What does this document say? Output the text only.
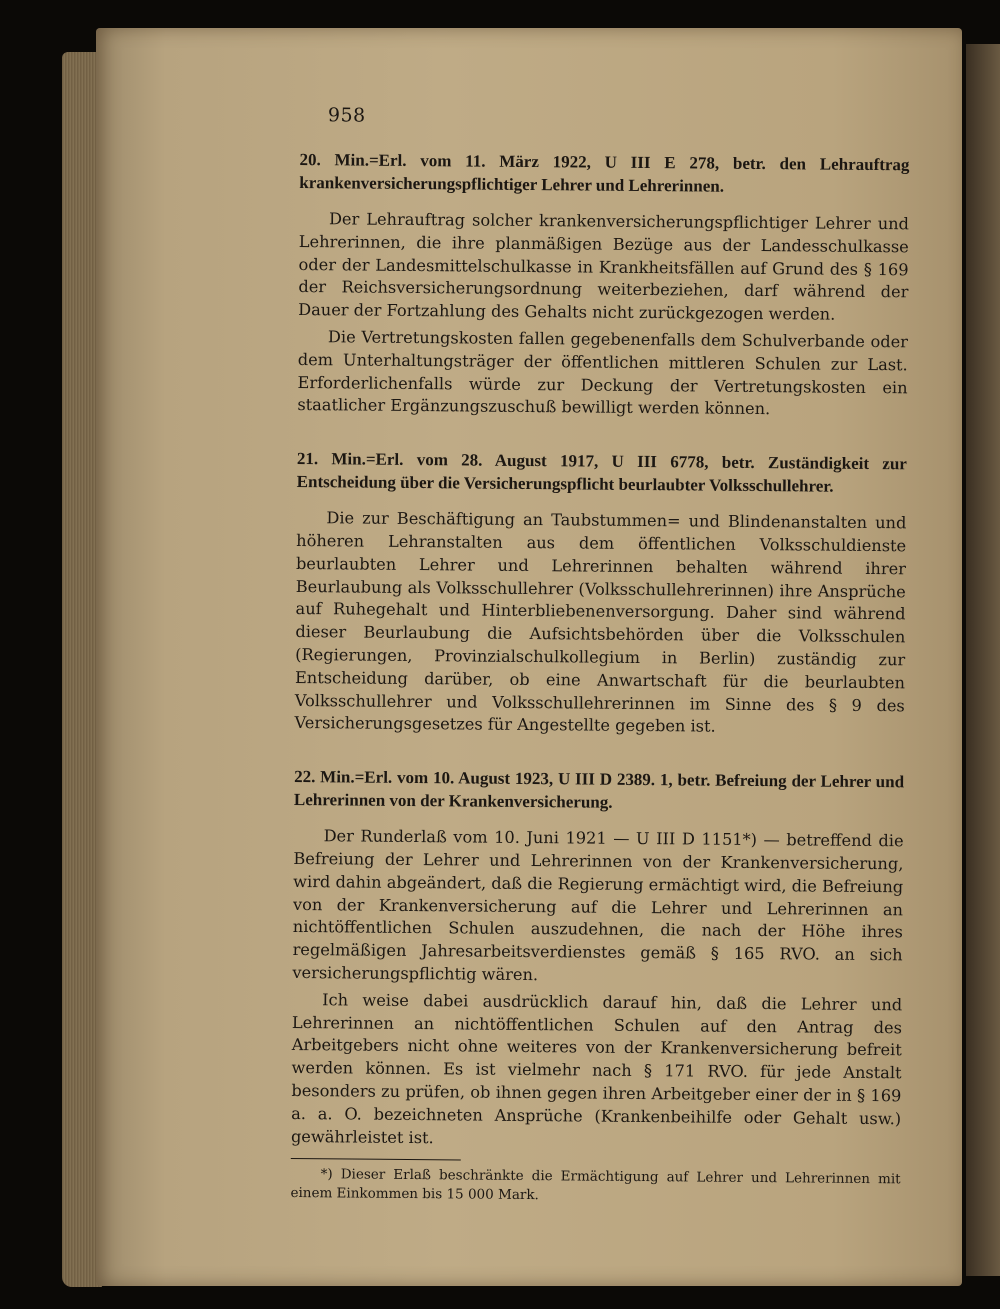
958

20. Min.=Erl. vom 11. März 1922, U III E 278, betr. den Lehrauftrag krankenversicherungspflichtiger Lehrer und Lehrerinnen.

Der Lehrauftrag solcher krankenversicherungspflichtiger Lehrer und Lehrerinnen, die ihre planmäßigen Bezüge aus der Landesschulkasse oder der Landesmittelschulkasse in Krankheitsfällen auf Grund des § 169 der Reichsversicherungsordnung weiterbeziehen, darf während der Dauer der Fortzahlung des Gehalts nicht zurückgezogen werden.

Die Vertretungskosten fallen gegebenenfalls dem Schulverbande oder dem Unterhaltungsträger der öffentlichen mittleren Schulen zur Last. Erforderlichenfalls würde zur Deckung der Vertretungskosten ein staatlicher Ergänzungszuschuß bewilligt werden können.

21. Min.=Erl. vom 28. August 1917, U III 6778, betr. Zuständigkeit zur Entscheidung über die Versicherungspflicht beurlaubter Volksschullehrer.

Die zur Beschäftigung an Taubstummen= und Blindenanstalten und höheren Lehranstalten aus dem öffentlichen Volksschuldienste beurlaubten Lehrer und Lehrerinnen behalten während ihrer Beurlaubung als Volksschullehrer (Volksschullehrerinnen) ihre Ansprüche auf Ruhegehalt und Hinterbliebenenversorgung. Daher sind während dieser Beurlaubung die Aufsichtsbehörden über die Volksschulen (Regierungen, Provinzialschulkollegium in Berlin) zuständig zur Entscheidung darüber, ob eine Anwartschaft für die beurlaubten Volksschullehrer und Volksschullehrerinnen im Sinne des § 9 des Versicherungsgesetzes für Angestellte gegeben ist.

22. Min.=Erl. vom 10. August 1923, U III D 2389. 1, betr. Befreiung der Lehrer und Lehrerinnen von der Krankenversicherung.

Der Runderlaß vom 10. Juni 1921 — U III D 1151*) — betreffend die Befreiung der Lehrer und Lehrerinnen von der Krankenversicherung, wird dahin abgeändert, daß die Regierung ermächtigt wird, die Befreiung von der Krankenversicherung auf die Lehrer und Lehrerinnen an nichtöffentlichen Schulen auszudehnen, die nach der Höhe ihres regelmäßigen Jahresarbeitsverdienstes gemäß § 165 RVO. an sich versicherungspflichtig wären.

Ich weise dabei ausdrücklich darauf hin, daß die Lehrer und Lehrerinnen an nichtöffentlichen Schulen auf den Antrag des Arbeitgebers nicht ohne weiteres von der Krankenversicherung befreit werden können. Es ist vielmehr nach § 171 RVO. für jede Anstalt besonders zu prüfen, ob ihnen gegen ihren Arbeitgeber einer der in § 169 a. a. O. bezeichneten Ansprüche (Krankenbeihilfe oder Gehalt usw.) gewährleistet ist.

*) Dieser Erlaß beschränkte die Ermächtigung auf Lehrer und Lehrerinnen mit einem Einkommen bis 15 000 Mark.
